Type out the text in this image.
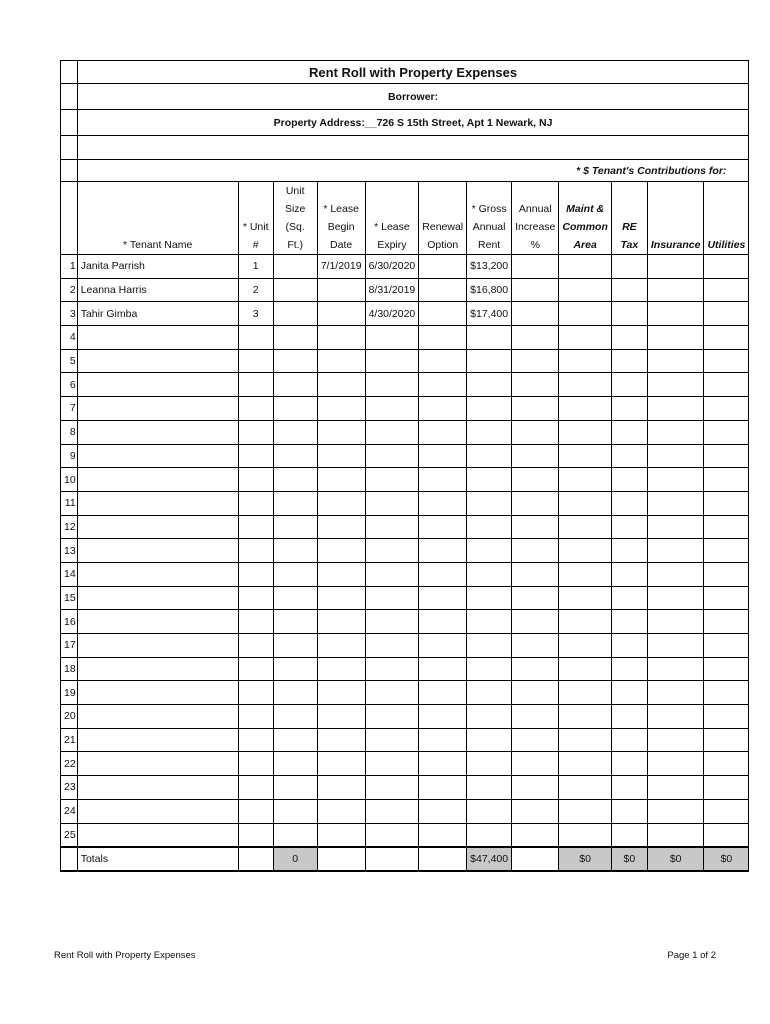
	Rent Roll with Property Expenses											
	Borrower:											
	Property Address:__726 S 15th Street, Apt 1 Newark, NJ											

	* $ Tenant's Contributions for:											
	* Tenant Name	* Unit #	Unit Size (Sq. Ft.)	* Lease Begin Date	* Lease Expiry	Renewal Option	* Gross Annual Rent	Annual Increase %	Maint & Common Area	RE Tax	Insurance	Utilities
1	Janita Parrish	1		7/1/2019	6/30/2020		$13,200					
2	Leanna Harris	2			8/31/2019		$16,800					
3	Tahir Gimba	3			4/30/2020		$17,400					
4												
5												
6												
7												
8												
9												
10												
11												
12												
13												
14												
15												
16												
17												
18												
19												
20												
21												
22												
23												
24												
25												
	Totals		0				$47,400		$0	$0	$0	$0
Rent Roll with Property Expenses	Page 1 of 2
